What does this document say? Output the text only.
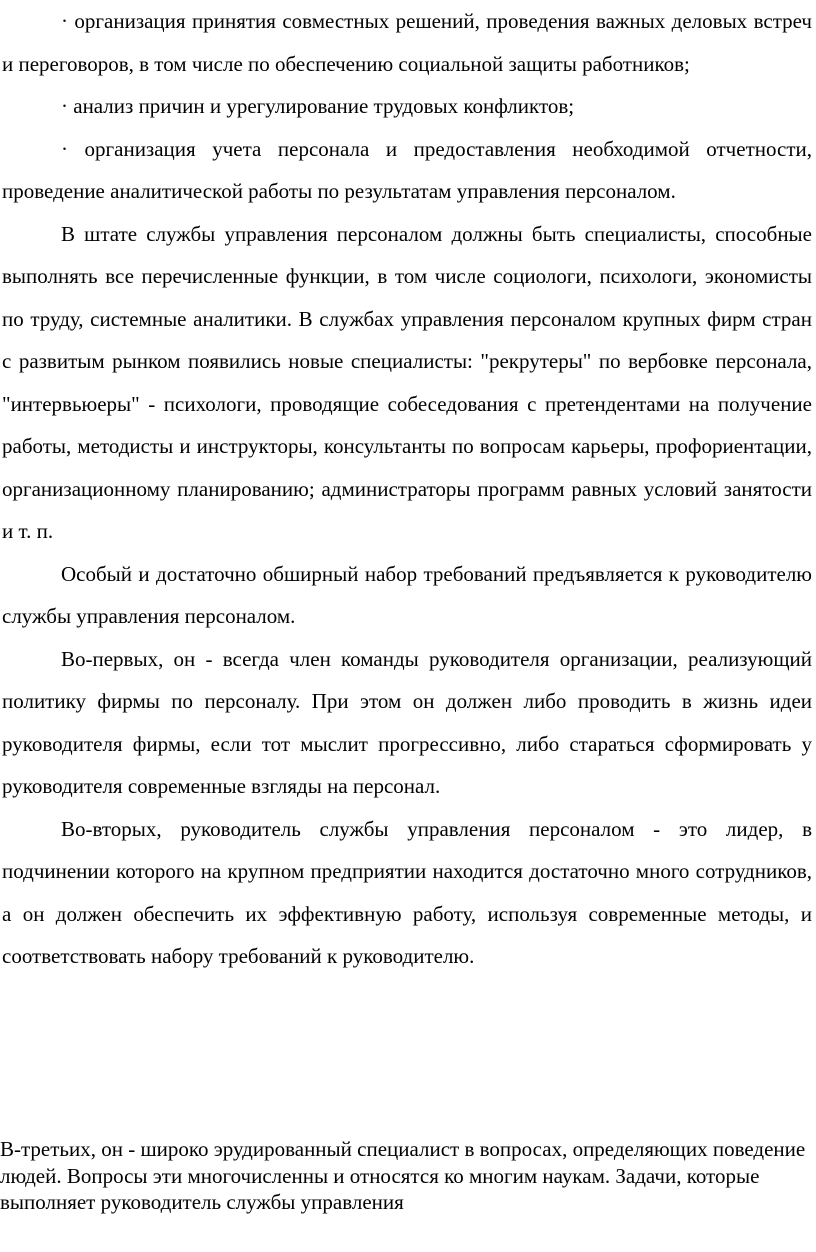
· организация принятия совместных решений, проведения важных деловых встреч и переговоров, в том числе по обеспечению социальной защиты работников;

· анализ причин и урегулирование трудовых конфликтов;

· организация учета персонала и предоставления необходимой отчетности, проведение аналитической работы по результатам управления персоналом.

В штате службы управления персоналом должны быть специалисты, способные выполнять все перечисленные функции, в том числе социологи, психологи, экономисты по труду, системные аналитики. В службах управления персоналом крупных фирм стран с развитым рынком появились новые специалисты: "рекрутеры" по вербовке персонала, "интервьюеры" - психологи, проводящие собеседования с претендентами на получение работы, методисты и инструкторы, консультанты по вопросам карьеры, профориентации, организационному планированию; администраторы программ равных условий занятости и т. п.

Особый и достаточно обширный набор требований предъявляется к руководителю службы управления персоналом.

Во-первых, он - всегда член команды руководителя организации, реализующий политику фирмы по персоналу. При этом он должен либо проводить в жизнь идеи руководителя фирмы, если тот мыслит прогрессивно, либо стараться сформировать у руководителя современные взгляды на персонал.

Во-вторых, руководитель службы управления персоналом - это лидер, в подчинении которого на крупном предприятии находится достаточно много сотрудников, а он должен обеспечить их эффективную работу, используя современные методы, и соответствовать набору требований к руководителю.

В-третьих, он - широко эрудированный специалист в вопросах, определяющих поведение людей. Вопросы эти многочисленны и относятся ко многим наукам. Задачи, которые выполняет руководитель службы управления
